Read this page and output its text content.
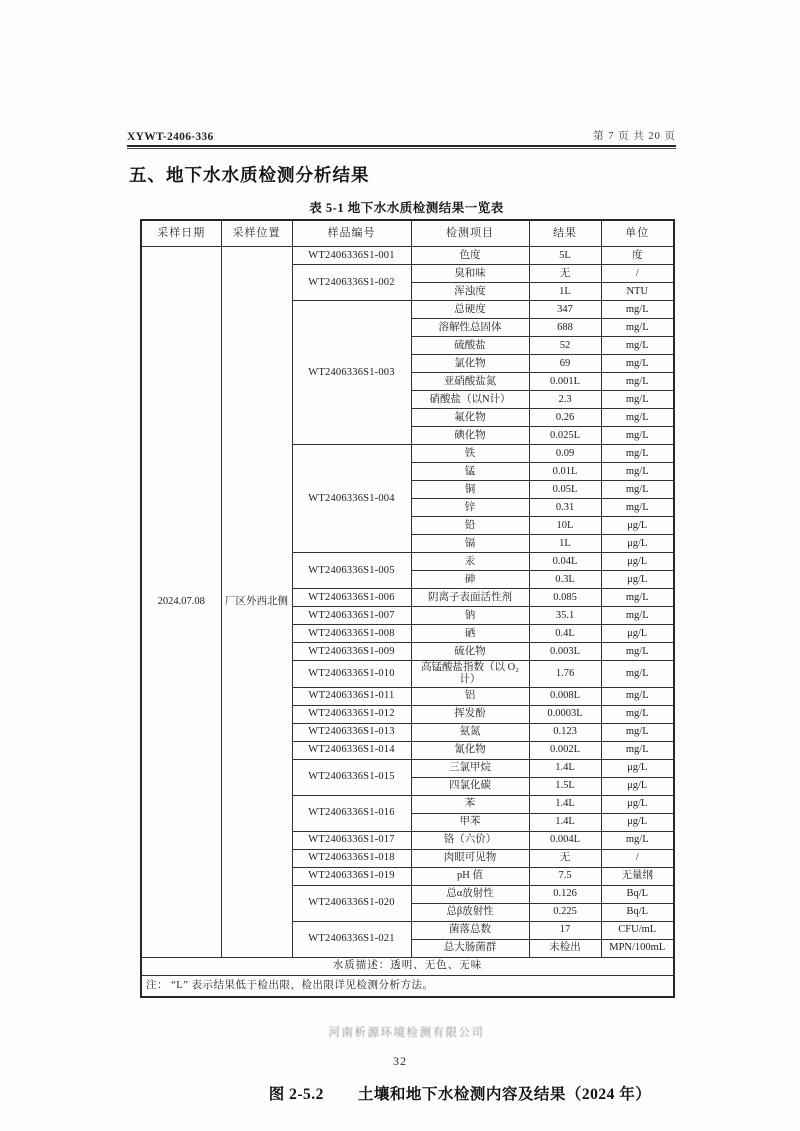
XYWT-2406-336	第 7 页 共 20 页
五、地下水水质检测分析结果
表 5-1 地下水水质检测结果一览表
采样日期	采样位置	样品编号	检测项目	结果	单位
2024.07.08	厂区外西北侧	WT2406336S1-001	色度	5L	度
		WT2406336S1-002	臭和味	无	/
			浑浊度	1L	NTU
		WT2406336S1-003	总硬度	347	mg/L
			溶解性总固体	688	mg/L
			硫酸盐	52	mg/L
			氯化物	69	mg/L
			亚硝酸盐氮	0.001L	mg/L
			硝酸盐（以N计）	2.3	mg/L
			氟化物	0.26	mg/L
			碘化物	0.025L	mg/L
		WT2406336S1-004	铁	0.09	mg/L
			锰	0.01L	mg/L
			铜	0.05L	mg/L
			锌	0.31	mg/L
			铅	10L	μg/L
			镉	1L	μg/L
		WT2406336S1-005	汞	0.04L	μg/L
			砷	0.3L	μg/L
		WT2406336S1-006	阴离子表面活性剂	0.085	mg/L
		WT2406336S1-007	钠	35.1	mg/L
		WT2406336S1-008	硒	0.4L	μg/L
		WT2406336S1-009	硫化物	0.003L	mg/L
		WT2406336S1-010	高锰酸盐指数（以 O₂ 计）	1.76	mg/L
		WT2406336S1-011	铝	0.008L	mg/L
		WT2406336S1-012	挥发酚	0.0003L	mg/L
		WT2406336S1-013	氨氮	0.123	mg/L
		WT2406336S1-014	氰化物	0.002L	mg/L
		WT2406336S1-015	三氯甲烷	1.4L	μg/L
			四氯化碳	1.5L	μg/L
		WT2406336S1-016	苯	1.4L	μg/L
			甲苯	1.4L	μg/L
		WT2406336S1-017	铬（六价）	0.004L	mg/L
		WT2406336S1-018	肉眼可见物	无	/
		WT2406336S1-019	pH 值	7.5	无量纲
		WT2406336S1-020	总α放射性	0.126	Bq/L
			总β放射性	0.225	Bq/L
		WT2406336S1-021	菌落总数	17	CFU/mL
			总大肠菌群	未检出	MPN/100mL
水质描述：透明、无色、无味					
注： “L” 表示结果低于检出限，检出限详见检测分析方法。					
河南析源环境检测有限公司
图 2-5.2 土壤和地下水检测内容及结果（2024 年）
32
